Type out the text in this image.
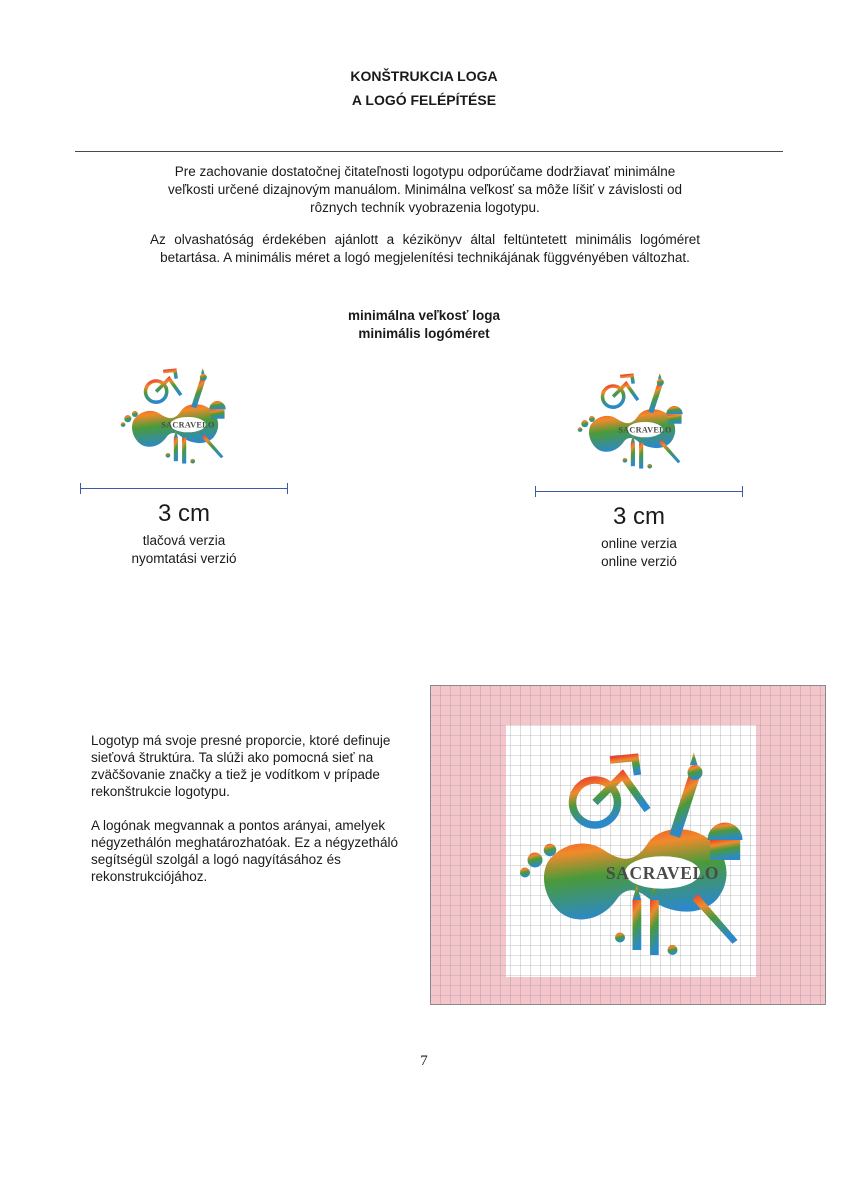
KONŠTRUKCIA LOGA
A LOGÓ FELÉPÍTÉSE
Pre zachovanie dostatočnej čitateľnosti logotypu odporúčame dodržiavať minimálne veľkosti určené dizajnovým manuálom. Minimálna veľkosť sa môže líšiť v závislosti od rôznych techník vyobrazenia logotypu.
Az olvashatóság érdekében ajánlott a kézikönyv által feltüntetett minimális logóméret betartása. A minimális méret a logó megjelenítési technikájának függvényében változhat.
minimálna veľkosť loga
minimális logóméret
3 cm
tlačová verzia
nyomtatási verzió
3 cm
online verzia
online verzió

Logotyp má svoje presné proporcie, ktoré definuje sieťová štruktúra. Ta slúži ako pomocná sieť na zväčšovanie značky a tiež je vodítkom v prípade rekonštrukcie logotypu.

A logónak megvannak a pontos arányai, amelyek négyzethálón meghatározhatóak. Ez a négyzetháló segítségül szolgál a logó nagyításához és rekonstrukciójához.

7
